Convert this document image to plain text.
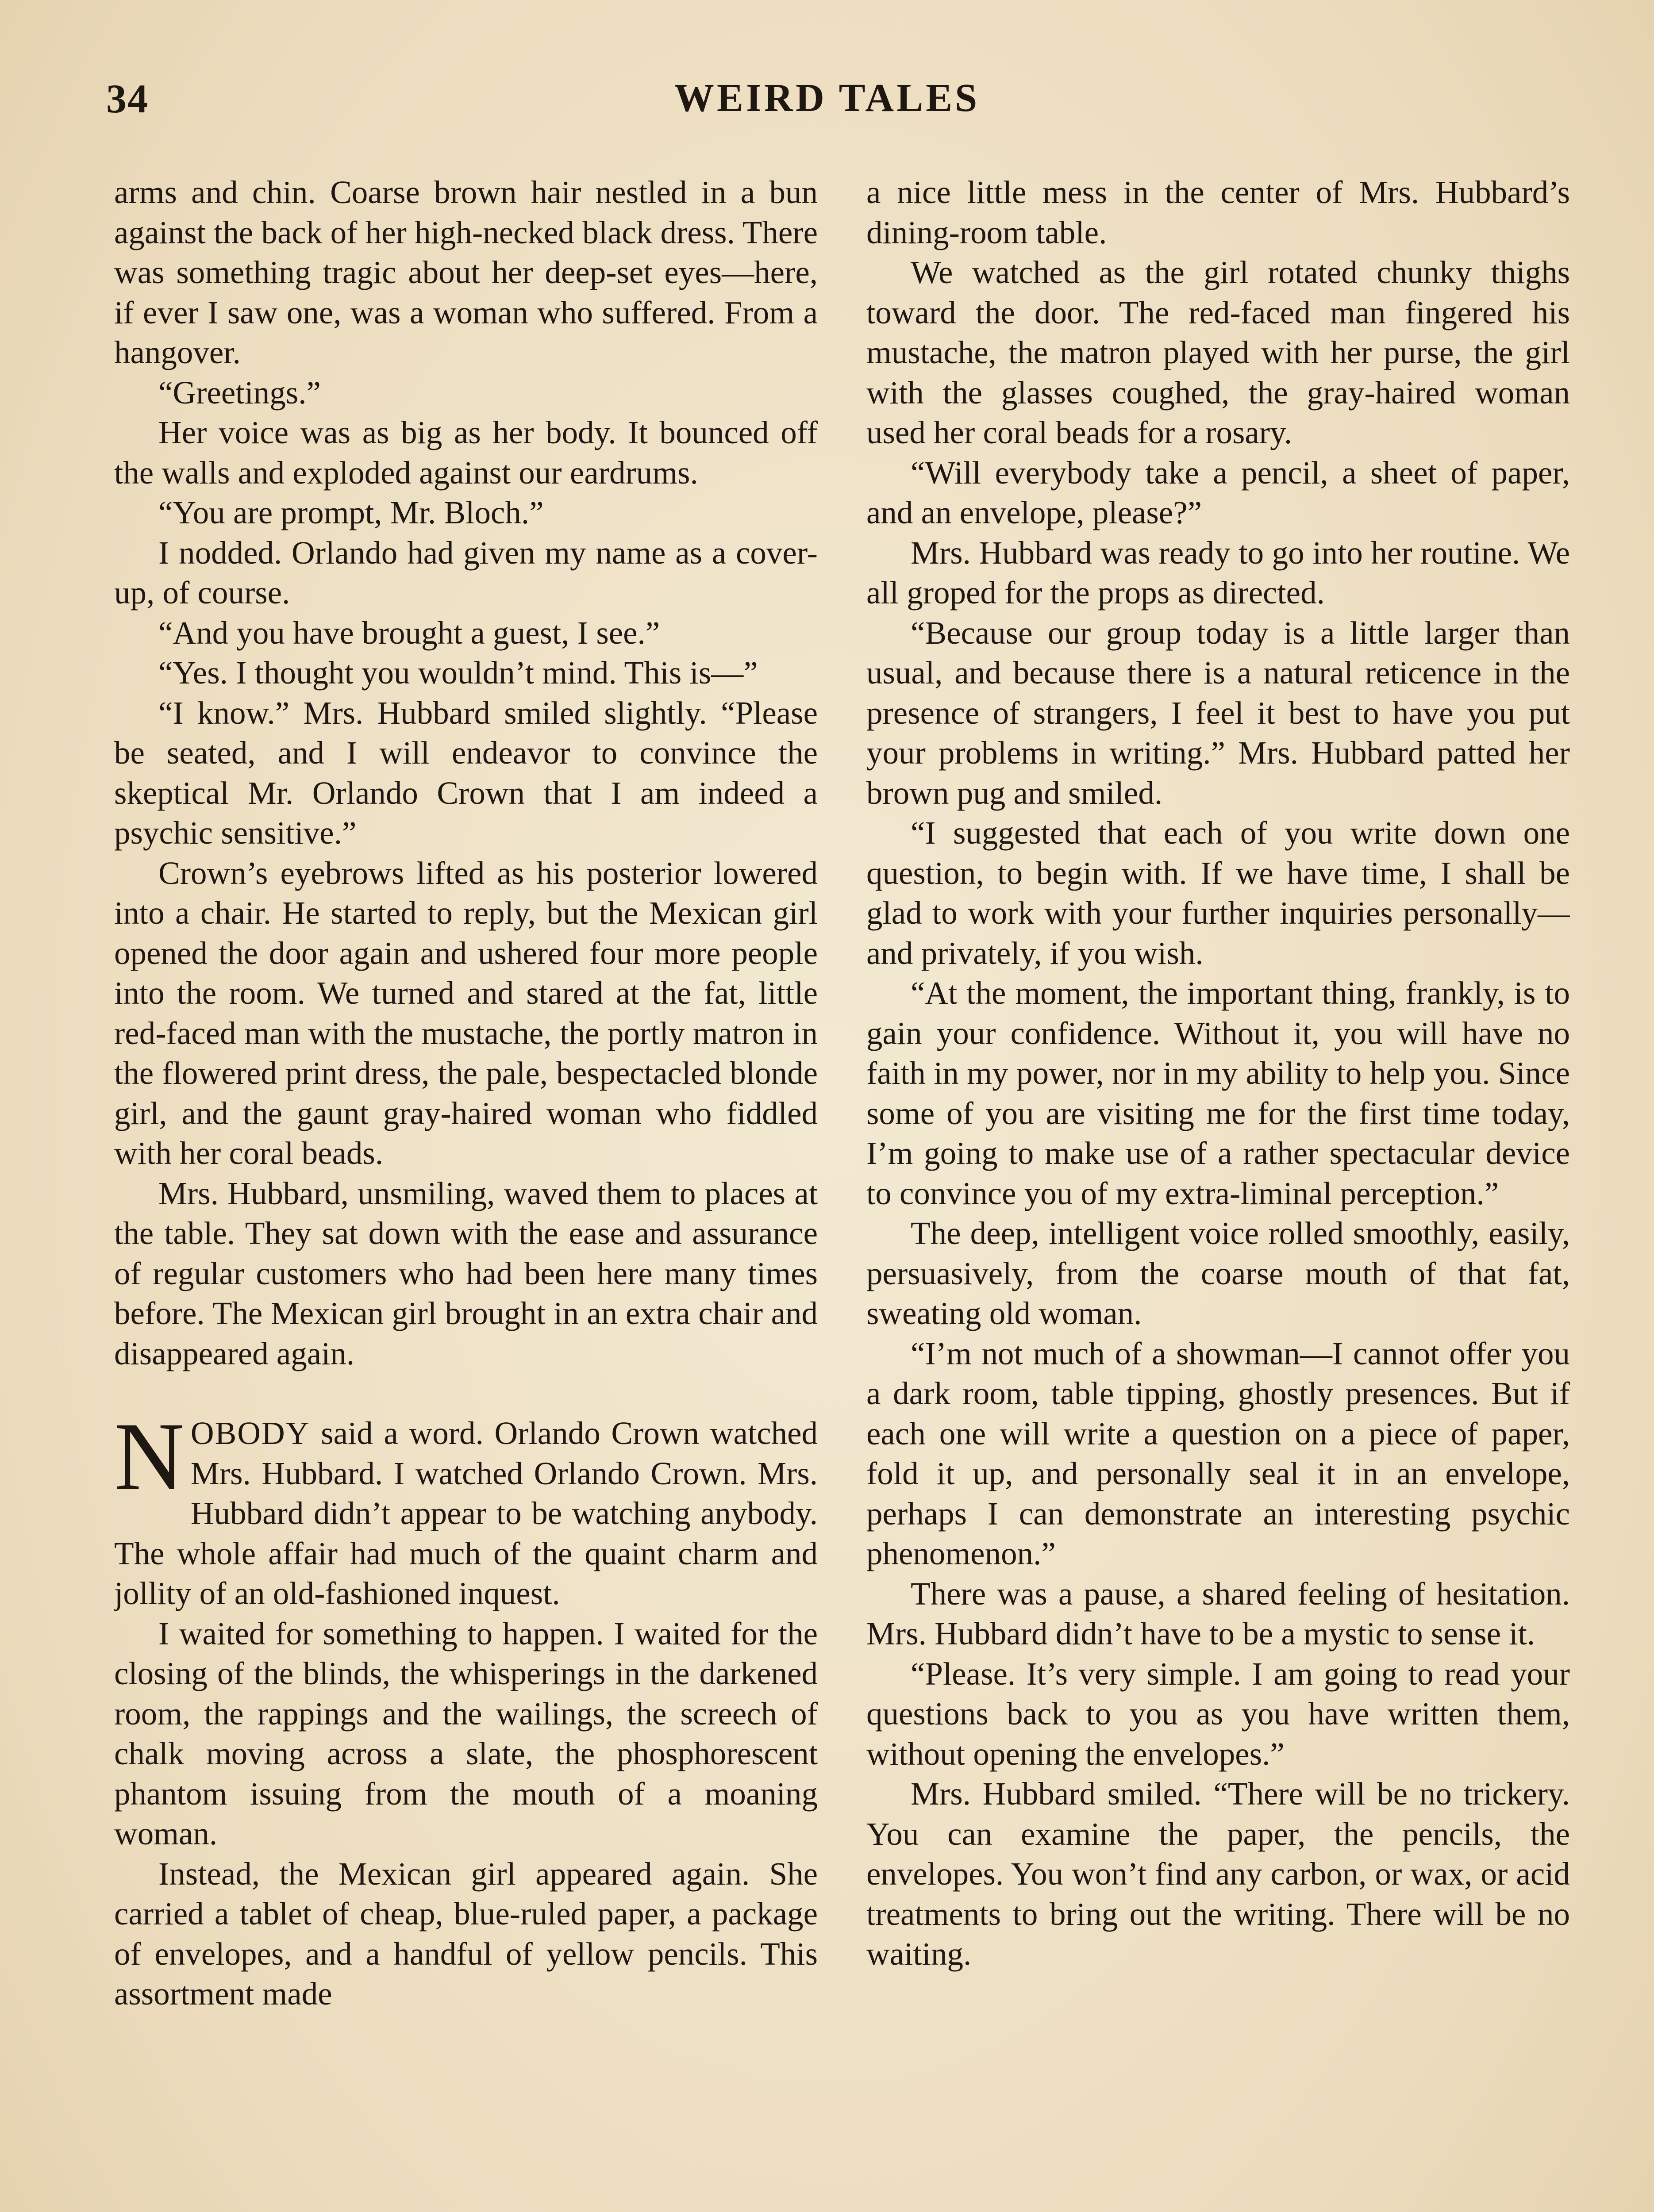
34	WEIRD TALES

arms and chin. Coarse brown hair nestled in a bun against the back of her high-necked black dress. There was something tragic about her deep-set eyes—here, if ever I saw one, was a woman who suffered. From a hangover.

“Greetings.”

Her voice was as big as her body. It bounced off the walls and exploded against our eardrums.

“You are prompt, Mr. Bloch.”

I nodded. Orlando had given my name as a cover-up, of course.

“And you have brought a guest, I see.”

“Yes. I thought you wouldn’t mind. This is—”

“I know.” Mrs. Hubbard smiled slightly. “Please be seated, and I will endeavor to convince the skeptical Mr. Orlando Crown that I am indeed a psychic sensitive.”

Crown’s eyebrows lifted as his posterior lowered into a chair. He started to reply, but the Mexican girl opened the door again and ushered four more people into the room. We turned and stared at the fat, little red-faced man with the mustache, the portly matron in the flowered print dress, the pale, bespectacled blonde girl, and the gaunt gray-haired woman who fiddled with her coral beads.

Mrs. Hubbard, unsmiling, waved them to places at the table. They sat down with the ease and assurance of regular customers who had been here many times before. The Mexican girl brought in an extra chair and disappeared again.

NOBODY said a word. Orlando Crown watched Mrs. Hubbard. I watched Orlando Crown. Mrs. Hubbard didn’t appear to be watching anybody. The whole affair had much of the quaint charm and jollity of an old-fashioned inquest.

I waited for something to happen. I waited for the closing of the blinds, the whisperings in the darkened room, the rappings and the wailings, the screech of chalk moving across a slate, the phosphorescent phantom issuing from the mouth of a moaning woman.

Instead, the Mexican girl appeared again. She carried a tablet of cheap, blue-ruled paper, a package of envelopes, and a handful of yellow pencils. This assortment made

a nice little mess in the center of Mrs. Hubbard’s dining-room table.

We watched as the girl rotated chunky thighs toward the door. The red-faced man fingered his mustache, the matron played with her purse, the girl with the glasses coughed, the gray-haired woman used her coral beads for a rosary.

“Will everybody take a pencil, a sheet of paper, and an envelope, please?”

Mrs. Hubbard was ready to go into her routine. We all groped for the props as directed.

“Because our group today is a little larger than usual, and because there is a natural reticence in the presence of strangers, I feel it best to have you put your problems in writing.” Mrs. Hubbard patted her brown pug and smiled.

“I suggested that each of you write down one question, to begin with. If we have time, I shall be glad to work with your further inquiries personally—and privately, if you wish.

“At the moment, the important thing, frankly, is to gain your confidence. Without it, you will have no faith in my power, nor in my ability to help you. Since some of you are visiting me for the first time today, I’m going to make use of a rather spectacular device to convince you of my extra-liminal perception.”

The deep, intelligent voice rolled smoothly, easily, persuasively, from the coarse mouth of that fat, sweating old woman.

“I’m not much of a showman—I cannot offer you a dark room, table tipping, ghostly presences. But if each one will write a question on a piece of paper, fold it up, and personally seal it in an envelope, perhaps I can demonstrate an interesting psychic phenomenon.”

There was a pause, a shared feeling of hesitation. Mrs. Hubbard didn’t have to be a mystic to sense it.

“Please. It’s very simple. I am going to read your questions back to you as you have written them, without opening the envelopes.”

Mrs. Hubbard smiled. “There will be no trickery. You can examine the paper, the pencils, the envelopes. You won’t find any carbon, or wax, or acid treatments to bring out the writing. There will be no waiting.
